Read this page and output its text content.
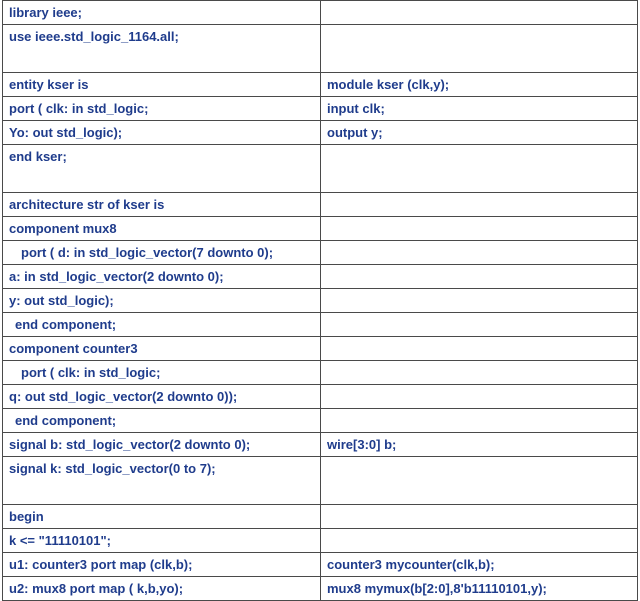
library ieee;	
use ieee.std_logic_1164.all;	
entity kser is	module kser (clk,y);
port ( clk: in std_logic;	input clk;
Yo: out std_logic);	output y;
end kser;	
architecture str of kser is	
component mux8	
port ( d: in std_logic_vector(7 downto 0);	
a: in std_logic_vector(2 downto 0);	
y: out std_logic);	
end component;	
component counter3	
port ( clk: in std_logic;	
q: out std_logic_vector(2 downto 0));	
end component;	
signal b: std_logic_vector(2 downto 0);	wire[3:0] b;
signal k: std_logic_vector(0 to 7);	
begin	
k <= "11110101";	
u1: counter3 port map (clk,b);	counter3 mycounter(clk,b);
u2: mux8 port map ( k,b,yo);	mux8 mymux(b[2:0],8'b11110101,y);
